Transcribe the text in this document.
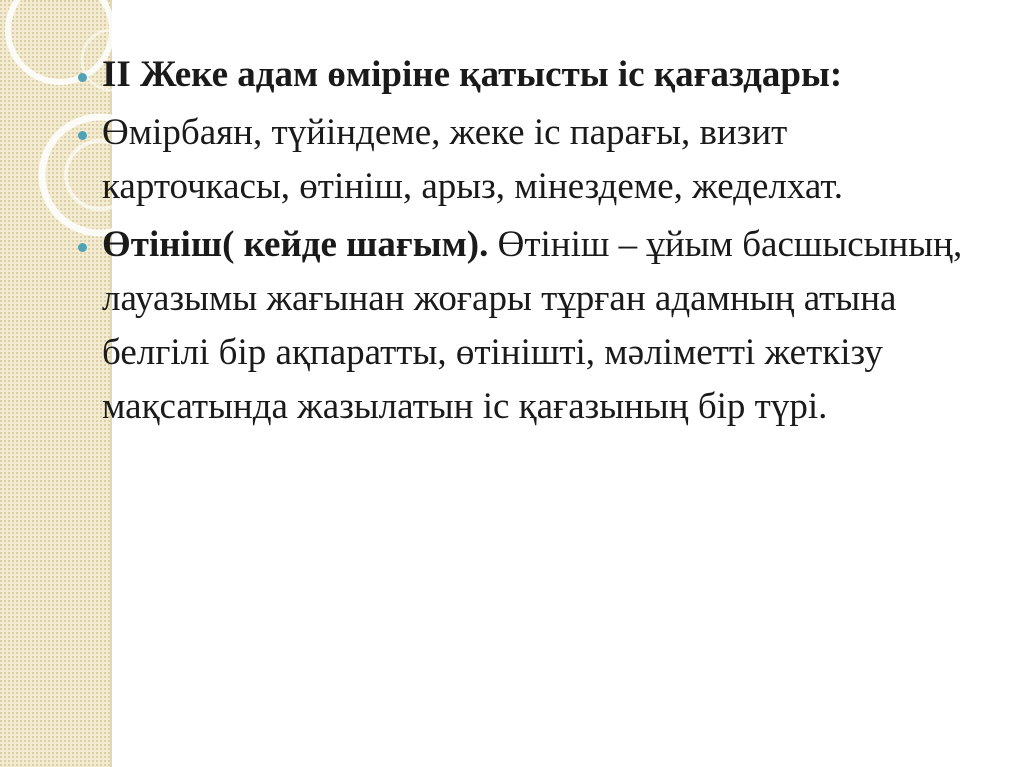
II Жеке адам өміріне қатысты іс қағаздары:
Өмірбаян, түйіндеме, жеке іс парағы, визит карточкасы, өтініш, арыз, мінездеме, жеделхат.
Өтініш( кейде шағым). Өтініш – ұйым басшысының, лауазымы жағынан жоғары тұрған адамның атына белгілі бір ақпаратты, өтінішті, мәліметті жеткізу мақсатында жазылатын іс қағазының бір түрі.
